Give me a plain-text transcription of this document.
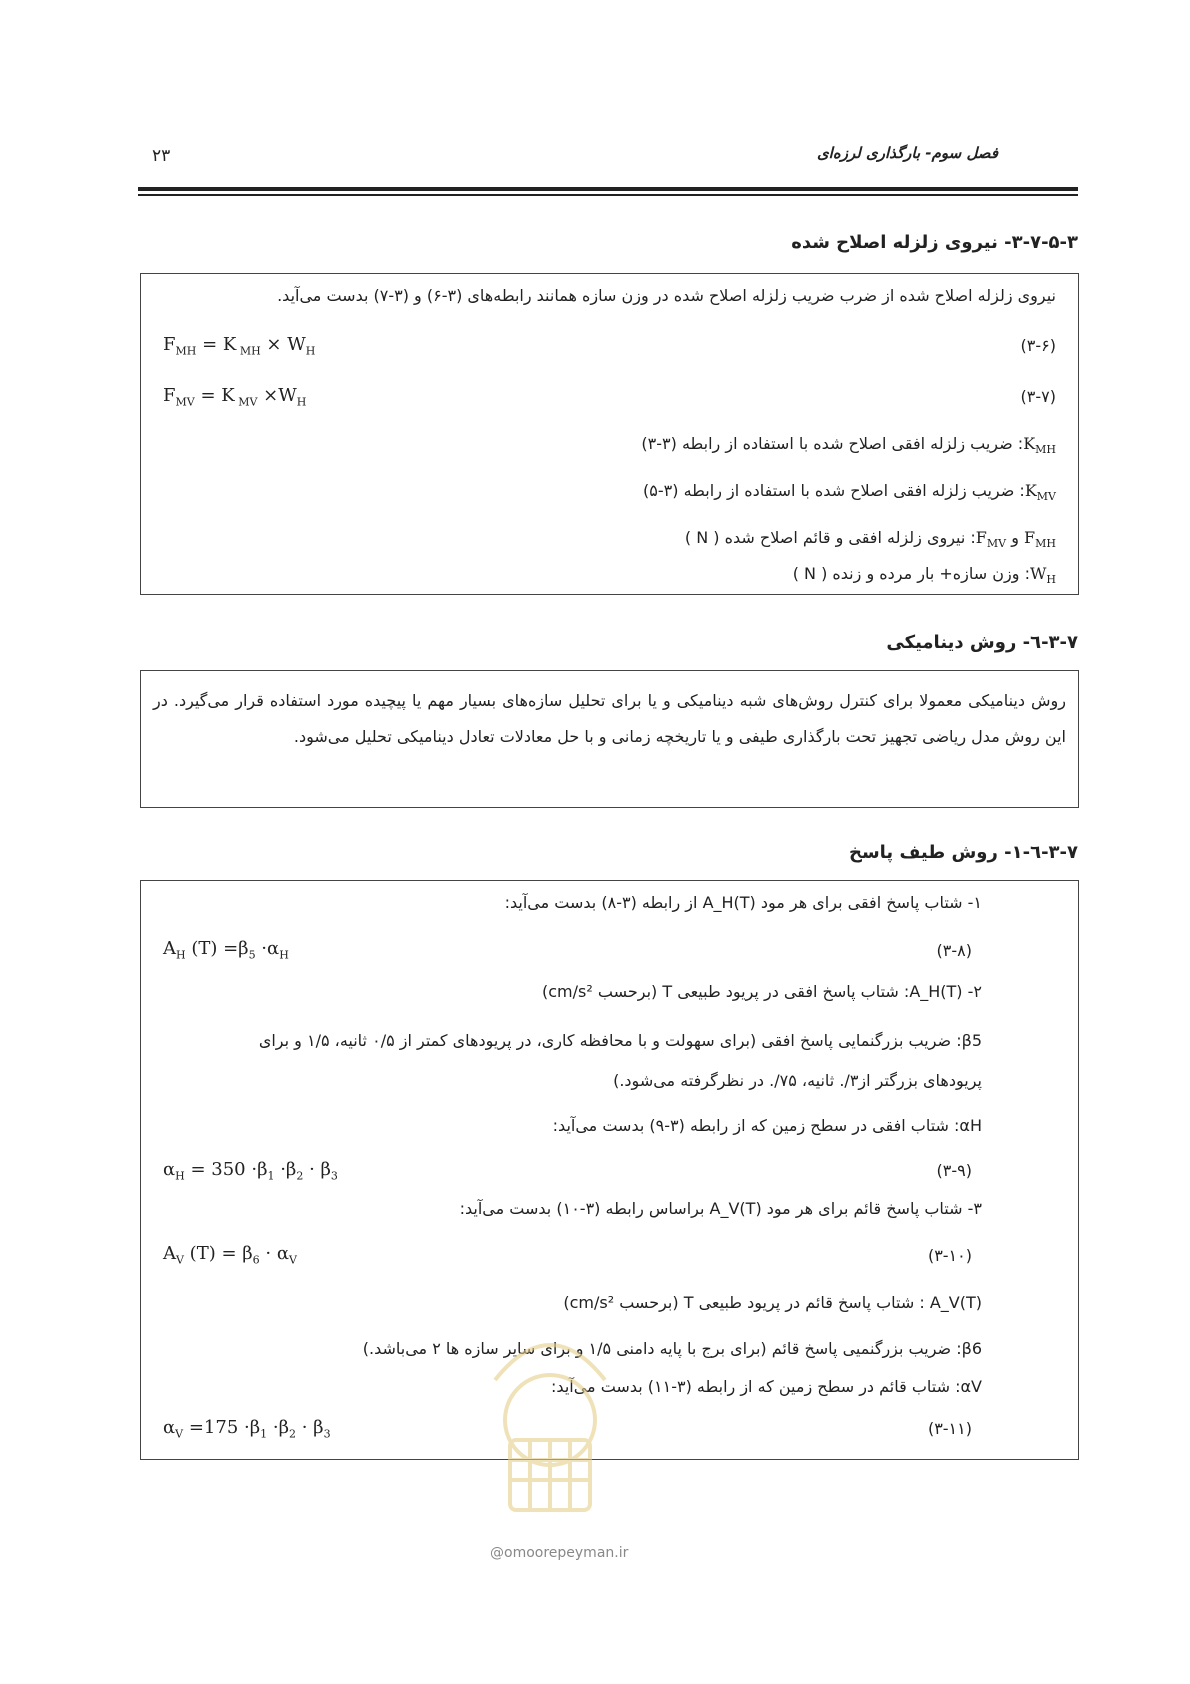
فصل سوم- بارگذاری لرزه‌ای
۲۳
۳-۷-۵-۳- نیروی زلزله اصلاح شده
نیروی زلزله اصلاح شده از ضرب ضریب زلزله اصلاح شده در وزن سازه همانند رابطه‌های (۳-۶) و (۳-۷) بدست می‌آید.
(۳-۶)
$F_{MH} = K$ $_{MH} \times W_H$
(۳-۷)
$F_{MV} = K$ $_{MV} \times W_H$
$K_{MH}$: ضریب زلزله افقی اصلاح شده با استفاده از رابطه (۳-۳)
$K_{MV}$: ضریب زلزله افقی اصلاح شده با استفاده از رابطه (۳-۵)
$F_{MH}$ و $F_{MV}$: نیروی زلزله افقی و قائم اصلاح شده ( N )
$W_H$: وزن سازه+ بار مرده و زنده ( N )
۳-۷-٦- روش دینامیکی
روش دینامیکی معمولا برای کنترل روش‌های شبه دینامیکی و یا برای تحلیل سازه‌های بسیار مهم یا پیچیده مورد استفاده قرار می‌گیرد. در این روش مدل ریاضی تجهیز تحت بارگذاری طیفی و یا تاریخچه زمانی و با حل معادلات تعادل دینامیکی تحلیل می‌شود.
۳-۷-٦-۱- روش طیف پاسخ
۱- شتاب پاسخ افقی برای هر مود A_H(T) از رابطه (۳-۸) بدست می‌آید:
(۳-۸)
$A_H$ $(T) =\beta_5 \cdot\alpha_H$
۲- A_H(T): شتاب پاسخ افقی در پریود طبیعی T (برحسب cm/s²)
β5: ضریب بزرگنمایی پاسخ افقی (برای سهولت و با محافظه کاری، در پریودهای کمتر از ۰/۵ ثانیه، ۱/۵ و برای
پریودهای بزرگتر از۳/. ثانیه، ۷۵/. در نظرگرفته می‌شود.)
αH: شتاب افقی در سطح زمین که از رابطه (۳-۹) بدست می‌آید:
(۳-۹)
$\alpha_H = 350 \cdot\beta_1 \cdot\beta_2 \cdot \beta_3$
۳- شتاب پاسخ قائم برای هر مود A_V(T) براساس رابطه (۳-۱۰) بدست می‌آید:
(۳-۱۰)
$A_V$ $(T) = \beta_6 \cdot \alpha_V$
A_V(T) : شتاب پاسخ قائم در پریود طبیعی T (برحسب cm/s²)
β6: ضریب بزرگنمیی پاسخ قائم (برای برج با پایه دامنی ۱/۵ و برای سایر سازه ها ۲ می‌باشد.)
αV: شتاب قائم در سطح زمین که از رابطه (۳-۱۱) بدست می‌آید:
(۳-۱۱)
$\alpha_V =175 \cdot\beta_1 \cdot\beta_2 \cdot \beta_3$
@omoorepeyman.ir
